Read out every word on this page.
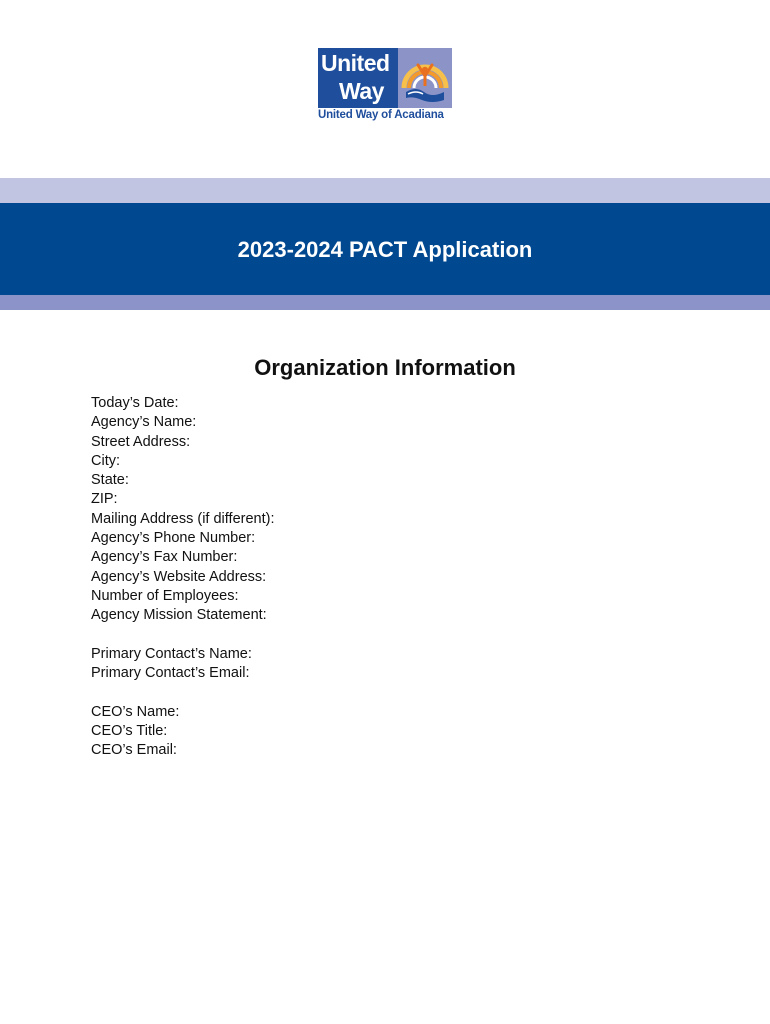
United
Way
United Way of Acadiana
2023-2024 PACT Application
Organization Information
Today’s Date:
Agency’s Name:
Street Address:
City:
State:
ZIP:
Mailing Address (if different):
Agency’s Phone Number:
Agency’s Fax Number:
Agency’s Website Address:
Number of Employees:
Agency Mission Statement:
Primary Contact’s Name:
Primary Contact’s Email:
CEO’s Name:
CEO’s Title:
CEO’s Email:
